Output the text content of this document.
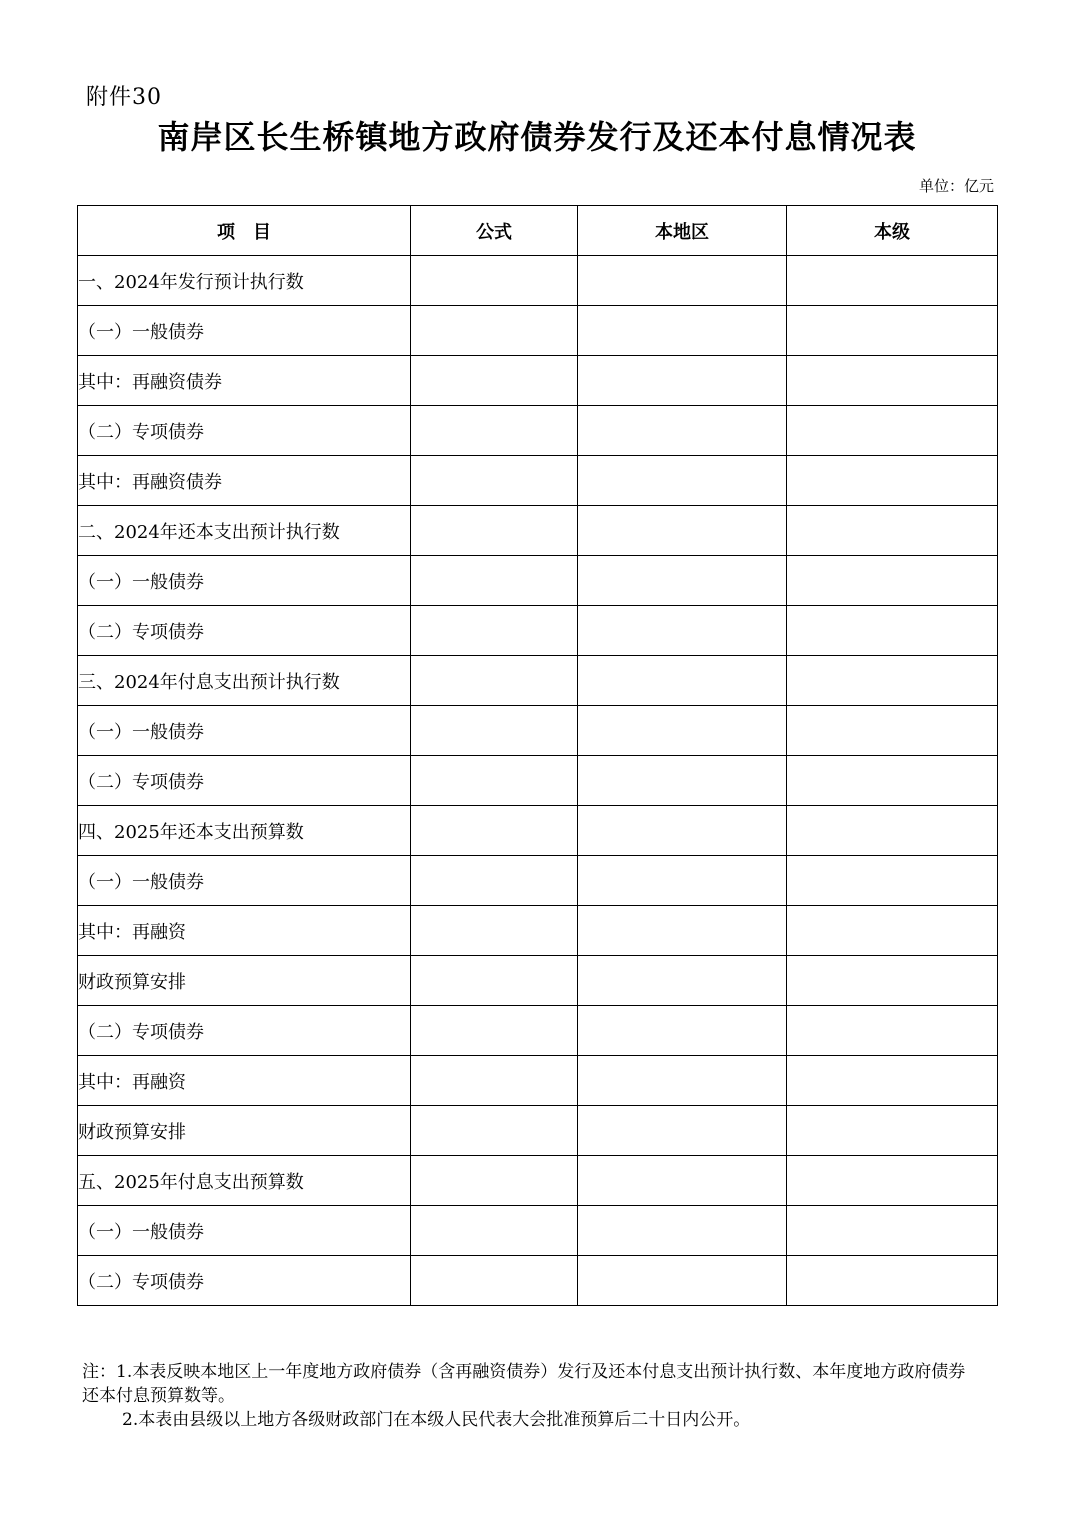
附件30
南岸区长生桥镇地方政府债券发行及还本付息情况表
单位：亿元
项　目	公式	本地区	本级
一、2024年发行预计执行数			
（一）一般债券			
其中：再融资债券			
（二）专项债券			
其中：再融资债券			
二、2024年还本支出预计执行数			
（一）一般债券			
（二）专项债券			
三、2024年付息支出预计执行数			
（一）一般债券			
（二）专项债券			
四、2025年还本支出预算数			
（一）一般债券			
其中：再融资			
财政预算安排			
（二）专项债券			
其中：再融资			
财政预算安排			
五、2025年付息支出预算数			
（一）一般债券			
（二）专项债券			

注：1.本表反映本地区上一年度地方政府债券（含再融资债券）发行及还本付息支出预计执行数、本年度地方政府债券还本付息预算数等。

2.本表由县级以上地方各级财政部门在本级人民代表大会批准预算后二十日内公开。
